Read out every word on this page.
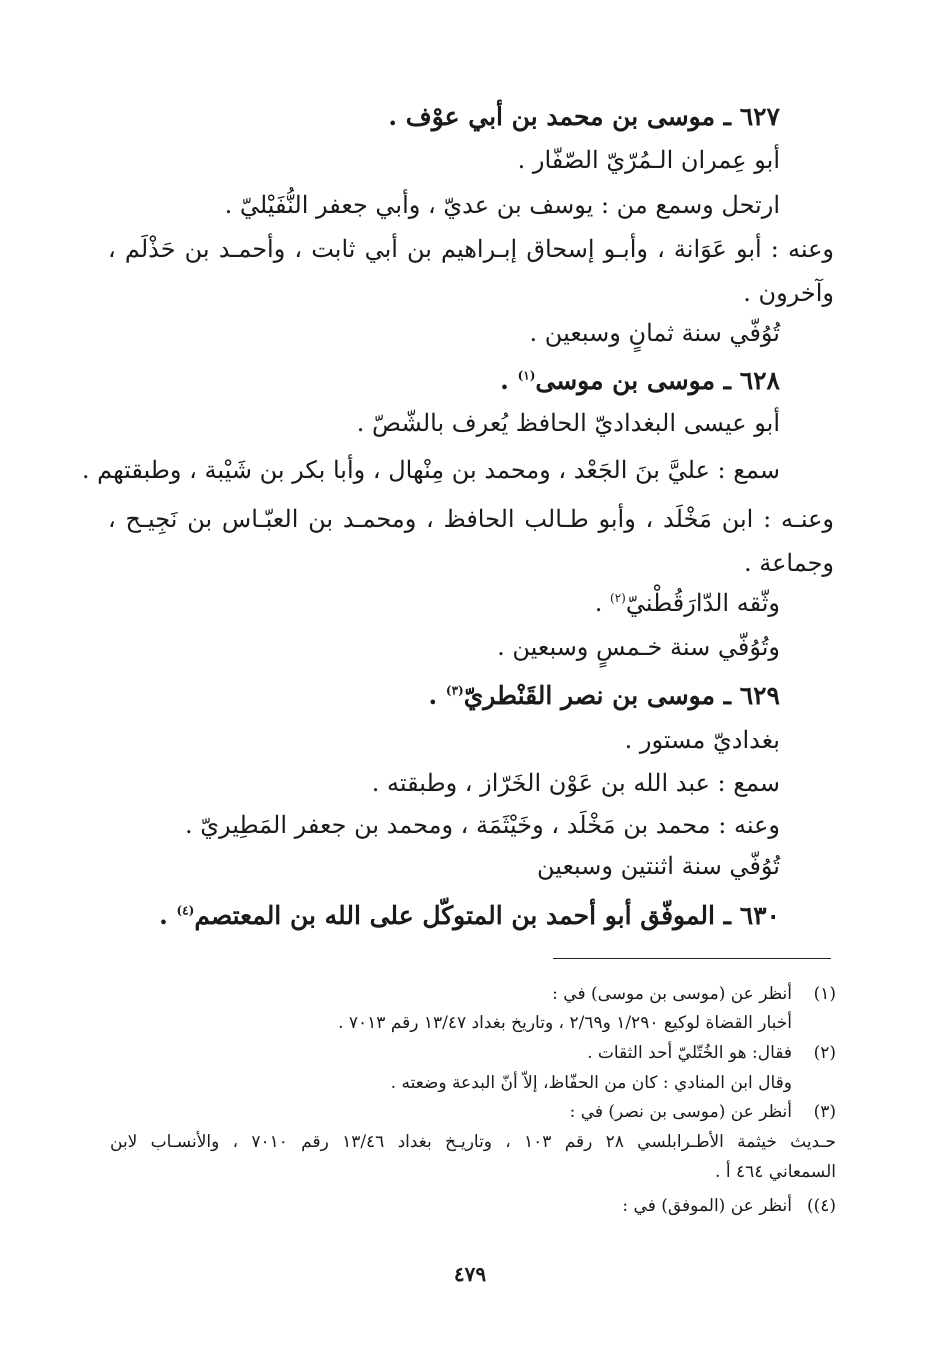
٦٢٧ ـ موسى بن محمد بن أبي عوْف .
أبو عِمران الـمُرّيّ الصّفّار .
ارتحل وسمع من : يوسف بن عديّ ، وأبي جعفر النُّفَيْليّ .
وعنه : أبو عَوَانة ، وأبـو إسحاق إبـراهيم بن أبي ثابت ، وأحمـد بن حَذْلَم ،
وآخرون .
تُوُفّي سنة ثمانٍ وسبعين .
٦٢٨ ـ موسى بن موسى$^{(١)}$ .
أبو عيسى البغداديّ الحافظ يُعرف بالشّصّ .
سمع : عليَّ بنَ الجَعْد ، ومحمد بن مِنْهال ، وأبا بكر بن شَيْبة ، وطبقتهم .
وعنـه : ابن مَخْلَد ، وأبو طـالب الحافظ ، ومحمـد بن العبّـاس بن نَجِيـح ،
وجماعة .
وثّقه الدّارَقُطْنيّ$^{(٢)}$ .
وتُوُفّي سنة خـمسٍ وسبعين .
٦٢٩ ـ موسى بن نصر القَنْطريّ$^{(٣)}$ .
بغداديّ مستور .
سمع : عبد الله بن عَوْن الخَرّاز ، وطبقته .
وعنه : محمد بن مَخْلَد ، وخَيْثَمَة ، ومحمد بن جعفر المَطِيريّ .
تُوُفّي سنة اثنتين وسبعين
٦٣٠ ـ الموفّق أبو أحمد بن المتوكّل على الله بن المعتصم$^{(٤)}$ .
(١)
أنظر عن (موسى بن موسى) في :
أخبار القضاة لوكيع ١/٢٩٠ و٢/٦٩ ، وتاريخ بغداد ١٣/٤٧ رقم ٧٠١٣ .
(٢)
فقال: هو الخُتّليّ أحد الثقات .
وقال ابن المنادي : كان من الحفّاظ، إلاّ أنّ البدعة وضعته .
(٣)
أنظر عن (موسى بن نصر) في :
حـديث خيثمة الأطـرابلسي ٢٨ رقم ١٠٣ ، وتاريـخ بغداد ١٣/٤٦ رقم ٧٠١٠ ، والأنسـاب لابن
السمعاني ٤٦٤ أ .
(٤))
أنظر عن (الموفق) في :
٤٧٩
